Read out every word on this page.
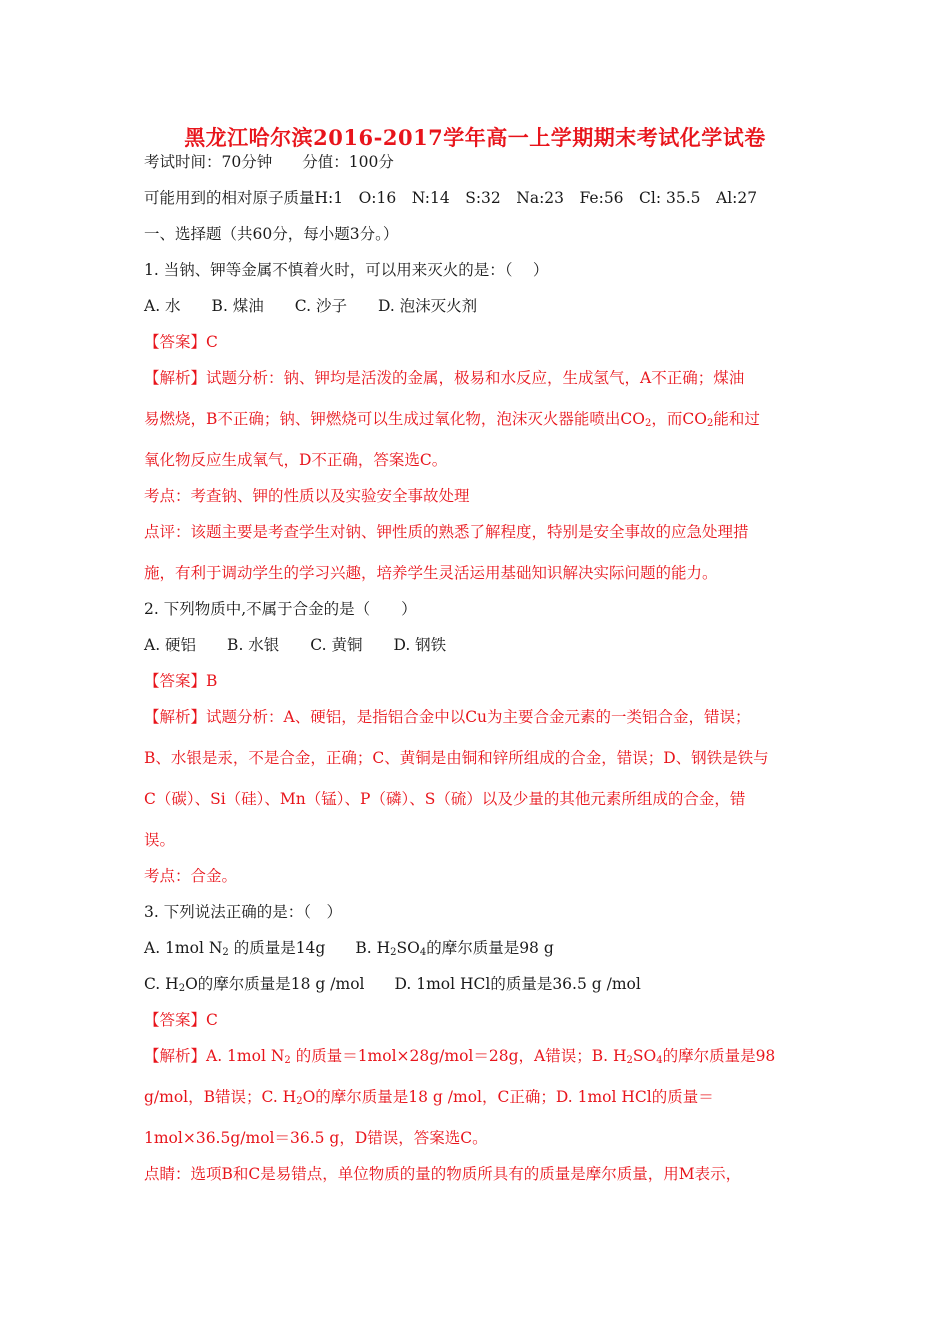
黑龙江哈尔滨2016-2017学年高一上学期期末考试化学试卷
考试时间：70分钟 分值：100分
可能用到的相对原子质量H:1　O:16　N:14　S:32　Na:23　Fe:56　Cl: 35.5　Al:27
一、选择题（共60分，每小题3分。）
1. 当钠、钾等金属不慎着火时，可以用来灭火的是：（　 ）
A. 水　　B. 煤油　　C. 沙子　　D. 泡沫灭火剂
【答案】C
【解析】试题分析：钠、钾均是活泼的金属，极易和水反应，生成氢气，A不正确；煤油
易燃烧，B不正确；钠、钾燃烧可以生成过氧化物，泡沫灭火器能喷出$CO_2$，而$CO_2$能和过
氧化物反应生成氧气，D不正确，答案选C。
考点：考查钠、钾的性质以及实验安全事故处理
点评：该题主要是考查学生对钠、钾性质的熟悉了解程度，特别是安全事故的应急处理措
施，有利于调动学生的学习兴趣，培养学生灵活运用基础知识解决实际问题的能力。
2. 下列物质中,不属于合金的是（　　）
A. 硬铝　　B. 水银　　C. 黄铜　　D. 钢铁
【答案】B
【解析】试题分析：A、硬铝，是指铝合金中以Cu为主要合金元素的一类铝合金，错误；
B、水银是汞，不是合金，正确；C、黄铜是由铜和锌所组成的合金，错误；D、钢铁是铁与
C（碳）、Si（硅）、Mn（锰）、P（磷）、S（硫）以及少量的其他元素所组成的合金，错
误。
考点：合金。
3. 下列说法正确的是：（　）
A. 1mol $N_2$ 的质量是14g B. $H_2SO_4$的摩尔质量是98 g
C. $H_2O$的摩尔质量是18 g /mol D. 1mol HCl的质量是36.5 g /mol
【答案】C
【解析】A. 1mol $N_2$ 的质量＝1mol×28g/mol＝28g，A错误；B. $H_2SO_4$的摩尔质量是98
g/mol，B错误；C. $H_2O$的摩尔质量是18 g /mol，C正确；D. 1mol HCl的质量＝
1mol×36.5g/mol＝36.5 g，D错误，答案选C。
点睛：选项B和C是易错点，单位物质的量的物质所具有的质量是摩尔质量，用M表示，
